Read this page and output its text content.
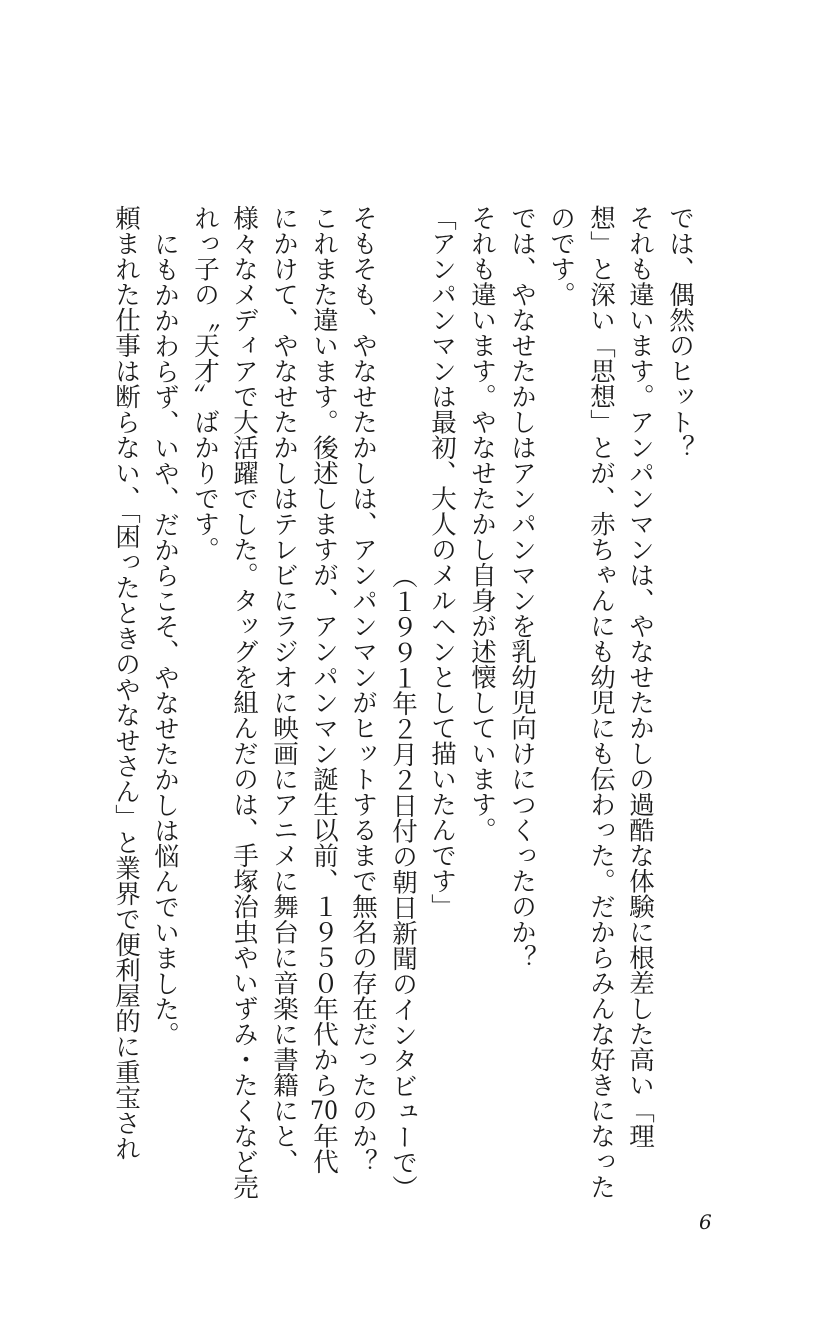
では、偶然のヒット？
それも違います。アンパンマンは、やなせたかしの過酷な体験に根差した高い「理
想」と深い「思想」とが、赤ちゃんにも幼児にも伝わった。だからみんな好きになった
のです。
では、やなせたかしはアンパンマンを乳幼児向けにつくったのか？
それも違います。やなせたかし自身が述懐しています。
「アンパンマンは最初、大人のメルヘンとして描いたんです」
（１９９１年２月２日付の朝日新聞のインタビューで）
そもそも、やなせたかしは、アンパンマンがヒットするまで無名の存在だったのか？
これまた違います。後述しますが、アンパンマン誕生以前、１９５０年代から70年代
にかけて、やなせたかしはテレビにラジオに映画にアニメに舞台に音楽に書籍にと、
様々なメディアで大活躍でした。タッグを組んだのは、手塚治虫やいずみ・たくなど売
れっ子の〝天才〟ばかりです。
にもかかわらず、いや、だからこそ、やなせたかしは悩んでいました。
頼まれた仕事は断らない、「困ったときのやなせさん」と業界で便利屋的に重宝され
6
